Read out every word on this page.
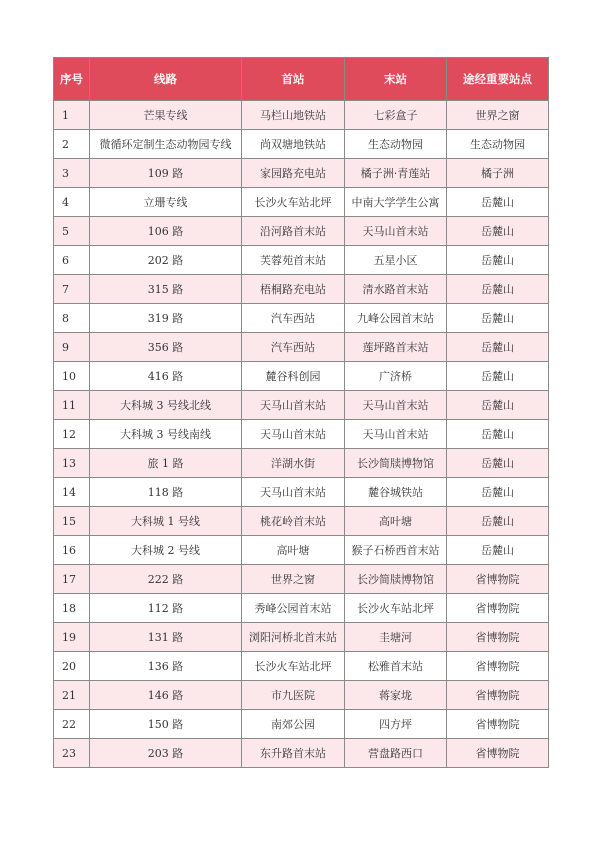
序号	线路	首站	末站	途经重要站点
1	芒果专线	马栏山地铁站	七彩盒子	世界之窗
2	微循环定制生态动物园专线	尚双塘地铁站	生态动物园	生态动物园
3	109 路	家园路充电站	橘子洲·青莲站	橘子洲
4	立珊专线	长沙火车站北坪	中南大学学生公寓	岳麓山
5	106 路	沿河路首末站	天马山首末站	岳麓山
6	202 路	芙蓉苑首末站	五星小区	岳麓山
7	315 路	梧桐路充电站	清水路首末站	岳麓山
8	319 路	汽车西站	九峰公园首末站	岳麓山
9	356 路	汽车西站	莲坪路首末站	岳麓山
10	416 路	麓谷科创园	广济桥	岳麓山
11	大科城 3 号线北线	天马山首末站	天马山首末站	岳麓山
12	大科城 3 号线南线	天马山首末站	天马山首末站	岳麓山
13	旅 1 路	洋湖水街	长沙简牍博物馆	岳麓山
14	118 路	天马山首末站	麓谷城铁站	岳麓山
15	大科城 1 号线	桃花岭首末站	高叶塘	岳麓山
16	大科城 2 号线	高叶塘	猴子石桥西首末站	岳麓山
17	222 路	世界之窗	长沙简牍博物馆	省博物院
18	112 路	秀峰公园首末站	长沙火车站北坪	省博物院
19	131 路	浏阳河桥北首末站	圭塘河	省博物院
20	136 路	长沙火车站北坪	松雅首末站	省博物院
21	146 路	市九医院	蒋家垅	省博物院
22	150 路	南郊公园	四方坪	省博物院
23	203 路	东升路首末站	营盘路西口	省博物院
